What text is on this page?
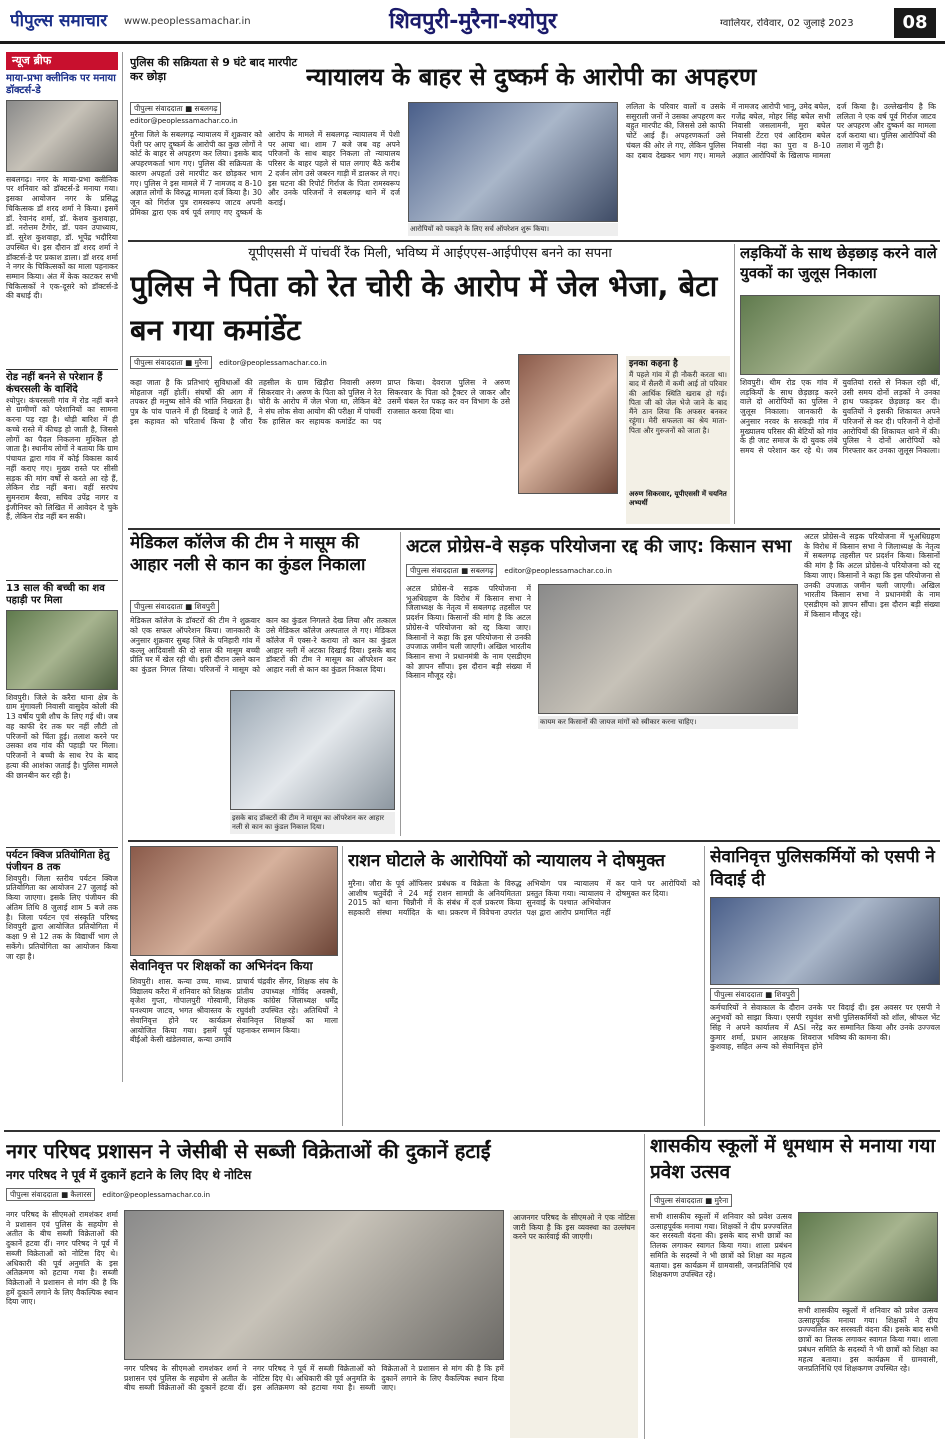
पीपुल्स समाचार	www.peoplessamachar.in	शिवपुरी-मुरैना-श्योपुर	ग्वालियर, रविवार, 02 जुलाई 2023	08
न्यूज ब्रीफ
माया-प्रभा क्लीनिक पर मनाया डॉक्टर्स-डे
सबलगढ़। नगर के माया-प्रभा क्लीनिक पर शनिवार को डॉक्टर्स-डे मनाया गया। इसका आयोजन नगर के प्रसिद्ध चिकित्सक डॉ शरद शर्मा ने किया। इसमें डॉ. रेवानंद शर्मा, डॉ. केशव कुशवाहा, डॉ. नरोत्तम टैगोर, डॉ. पवन उपाध्याय, डॉ. सुरेश कुशवाहा, डॉ. भूपेंद्र भदौरिया उपस्थित थे। इस दौरान डॉ शरद शर्मा ने डॉक्टर्स-डे पर प्रकाश डाला। डॉ शरद शर्मा ने नगर के चिकित्सकों का माला पहनाकर सम्मान किया। अंत में केक काटकर सभी चिकित्सकों ने एक-दूसरे को डॉक्टर्स-डे की बधाई दी।
रोड नहीं बनने से परेशान हैं कंचरसली के वाशिंदे
श्योपुर। कंचरसली गांव में रोड नहीं बनने से ग्रामीणों को परेशानियों का सामना करना पड़ रहा है। थोड़ी बारिश में ही कच्चे रास्ते में कीचड़ हो जाती है, जिससे लोगों का पैदल निकलना मुश्किल हो जाता है। स्थानीय लोगों ने बताया कि ग्राम पंचायत द्वारा गांव में कोई विकास कार्य नहीं कराए गए। मुख्य रास्ते पर सीसी सड़क की मांग वर्षों से करते आ रहे हैं, लेकिन रोड नहीं बना। वहीं सरपंच सुमनराम बैरवा, सचिव उपेंद्र नागर व इंजीनियर को लिखित में आवेदन दे चुके हैं, लेकिन रोड नहीं बन सकी।
13 साल की बच्ची का शव पहाड़ी पर मिला
शिवपुरी। जिले के करैरा थाना क्षेत्र के ग्राम मुंगावली निवासी वासुदेव कोली की 13 वर्षीय पुत्री शौच के लिए गई थी। जब वह काफी देर तक घर नहीं लौटी तो परिजनों को चिंता हुई। तलाश करने पर उसका शव गांव की पहाड़ी पर मिला। परिजनों ने बच्ची के साथ रेप के बाद हत्या की आशंका जताई है। पुलिस मामले की छानबीन कर रही है।
पर्यटन क्विज प्रतियोगिता हेतु पंजीयन 8 तक
शिवपुरी। जिला स्तरीय पर्यटन क्विज प्रतियोगिता का आयोजन 27 जुलाई को किया जाएगा। इसके लिए पंजीयन की अंतिम तिथि 8 जुलाई शाम 5 बजे तक है। जिला पर्यटन एवं संस्कृति परिषद शिवपुरी द्वारा आयोजित प्रतियोगिता में कक्षा 9 से 12 तक के विद्यार्थी भाग ले सकेंगे। प्रतियोगिता का आयोजन किया जा रहा है।
पुलिस की सक्रियता से 9 घंटे बाद मारपीट कर छोड़ा	न्यायालय के बाहर से दुष्कर्म के आरोपी का अपहरण
पीपुल्स संवाददाता ■ सबलगढ़
editor@peoplessamachar.co.in
मुरैना जिले के सबलगढ़ न्यायालय में शुक्रवार को पेशी पर आए दुष्कर्म के आरोपी का कुछ लोगों ने कोर्ट के बाहर से अपहरण कर लिया। इसके बाद अपहरणकर्ता भाग गए। पुलिस की सक्रियता के कारण अपहर्ता उसे मारपीट कर छोड़कर भाग गए। पुलिस ने इस मामले में 7 नामजद व 8-10 अज्ञात लोगों के विरुद्ध मामला दर्ज किया है। 30 जून को गिर्राज पुत्र रामस्वरूप जाटव अपनी प्रेमिका द्वारा एक वर्ष पूर्व लगाए गए दुष्कर्म के आरोप के मामले में सबलगढ़ न्यायालय में पेशी पर आया था। शाम 7 बजे जब वह अपने परिजनों के साथ बाहर निकला तो न्यायालय परिसर के बाहर पहले से घात लगाए बैठे करीब 2 दर्जन लोग उसे जबरन गाड़ी में डालकर ले गए। इस घटना की रिपोर्ट गिर्राज के पिता रामस्वरूप और उनके परिजनों ने सबलगढ़ थाने में दर्ज कराई।
आरोपियों को पकड़ने के लिए सर्च ऑपरेशन शुरू किया।
ललिता के परिवार वालों व उसके ससुराली जनों ने उसका अपहरण कर बहुत मारपीट की, जिससे उसे काफी चोटें आई हैं। अपहरणकर्ता उसे चंबल की ओर ले गए, लेकिन पुलिस का दबाव देखकर भाग गए। मामले में नामजद आरोपी भानू, उमेद बघेल, गजेंद्र बघेल, मोहर सिंह बघेल सभी निवासी जसलामनी, मुरा बघेल निवासी टेंटरा एवं आदिराम बघेल निवासी नंदा का पुरा व 8-10 अज्ञात आरोपियों के खिलाफ मामला दर्ज किया है। उल्लेखनीय है कि ललिता ने एक वर्ष पूर्व गिर्राज जाटव पर अपहरण और दुष्कर्म का मामला दर्ज कराया था। पुलिस आरोपियों की तलाश में जुटी है।
यूपीएससी में पांचवीं रैंक मिली, भविष्य में आईएएस-आईपीएस बनने का सपना
पुलिस ने पिता को रेत चोरी के आरोप में जेल भेजा, बेटा बन गया कमांडेंट
पीपुल्स संवाददाता ■ मुरैना editor@peoplessamachar.co.in
कहा जाता है कि प्रतिभाएं सुविधाओं की मोहताज नहीं होतीं। संघर्षों की आग में तपकर ही मनुष्य सोने की भांति निखरता है। पुत्र के पांव पालने में ही दिखाई दे जाते हैं, इस कहावत को चरितार्थ किया है जौरा तहसील के ग्राम खिड़ौरा निवासी अरुण सिकरवार ने। अरुण के पिता को पुलिस ने रेत चोरी के आरोप में जेल भेजा था, लेकिन बेटे ने संघ लोक सेवा आयोग की परीक्षा में पांचवीं रैंक हासिल कर सहायक कमांडेंट का पद प्राप्त किया। देवराज पुलिस ने अरुण सिकरवार के पिता को ट्रैक्टर ले जाकर और उसमें चंबल रेत पकड़ कर वन विभाग के उसे राजसात करवा दिया था।
इनका कहना है
मैं पहले गांव में ही नौकरी करता था। बाद में सैलरी में कमी आई तो परिवार की आर्थिक स्थिति खराब हो गई। पिता जी को जेल भेजे जाने के बाद मैंने ठान लिया कि अफसर बनकर रहूंगा। मेरी सफलता का श्रेय माता-पिता और गुरुजनों को जाता है।
अरुण सिकरवार, यूपीएससी में चयनित अभ्यर्थी
लड़कियों के साथ छेड़छाड़ करने वाले युवकों का जुलूस निकाला
शिवपुरी। थीम रोड एक गांव में लड़कियों के साथ छेड़छाड़ करने वाले दो आरोपियों का पुलिस ने जुलूस निकाला। जानकारी के अनुसार नरवर के सरकड़ी गांव में मुख्यालय परिसर की बेटियों को गांव के ही जाट समाज के दो युवक लंबे समय से परेशान कर रहे थे। जब युवतियां रास्ते से निकल रही थीं, उसी समय दोनों लड़कों ने उनका हाथ पकड़कर छेड़छाड़ कर दी। युवतियों ने इसकी शिकायत अपने परिजनों से कर दी। परिजनों ने दोनों आरोपियों की शिकायत थाने में की। पुलिस ने दोनों आरोपियों को गिरफ्तार कर उनका जुलूस निकाला।
मेडिकल कॉलेज की टीम ने मासूम की आहार नली से कान का कुंडल निकाला
पीपुल्स संवाददाता ■ शिवपुरी
मेडिकल कॉलेज के डॉक्टरों की टीम ने शुक्रवार को एक सफल ऑपरेशन किया। जानकारी के अनुसार शुक्रवार सुबह जिले के पनिहारी गांव में कल्लू आदिवासी की दो साल की मासूम बच्ची प्रीति घर में खेल रही थी। इसी दौरान उसने कान का कुंडल निगल लिया। परिजनों ने मासूम को कान का कुंडल निगलते देख लिया और तत्काल उसे मेडिकल कॉलेज अस्पताल ले गए। मेडिकल कॉलेज में एक्स-रे कराया तो कान का कुंडल आहार नली में अटका दिखाई दिया। इसके बाद डॉक्टरों की टीम ने मासूम का ऑपरेशन कर आहार नली से कान का कुंडल निकाल दिया।
इसके बाद डॉक्टरों की टीम ने मासूम का ऑपरेशन कर आहार नली से कान का कुंडल निकाल दिया।
अटल प्रोग्रेस-वे सड़क परियोजना रद्द की जाए: किसान सभा
पीपुल्स संवाददाता ■ सबलगढ़ editor@peoplessamachar.co.in
अटल प्रोग्रेस-वे सड़क परियोजना में भूअधिग्रहण के विरोध में किसान सभा ने जिलाध्यक्ष के नेतृत्व में सबलगढ़ तहसील पर प्रदर्शन किया। किसानों की मांग है कि अटल प्रोग्रेस-वे परियोजना को रद्द किया जाए। किसानों ने कहा कि इस परियोजना से उनकी उपजाऊ जमीन चली जाएगी। अखिल भारतीय किसान सभा ने प्रधानमंत्री के नाम एसडीएम को ज्ञापन सौंपा। इस दौरान बड़ी संख्या में किसान मौजूद रहे।
कायम कर किसानों की जायज मांगों को स्वीकार करना चाहिए।
अटल प्रोग्रेस-वे सड़क परियोजना में भूअधिग्रहण के विरोध में किसान सभा ने जिलाध्यक्ष के नेतृत्व में सबलगढ़ तहसील पर प्रदर्शन किया। किसानों की मांग है कि अटल प्रोग्रेस-वे परियोजना को रद्द किया जाए। किसानों ने कहा कि इस परियोजना से उनकी उपजाऊ जमीन चली जाएगी। अखिल भारतीय किसान सभा ने प्रधानमंत्री के नाम एसडीएम को ज्ञापन सौंपा। इस दौरान बड़ी संख्या में किसान मौजूद रहे।
सेवानिवृत्त पर शिक्षकों का अभिनंदन किया
शिवपुरी। शास. कन्या उच्च. माध्य. विद्यालय करैरा में शनिवार को शिक्षक बृजेश गुप्ता, गोपालपुरी गोस्वामी, घनश्याम जाटव, भगत श्रीवास्तव के सेवानिवृत्त होने पर कार्यक्रम आयोजित किया गया। इसमें पूर्व बीईओ केसी खंडेलवाल, कन्या उमावि प्राचार्य चंद्रवीर सेंगर, शिक्षक संघ के प्रांतीय उपाध्यक्ष गोविंद अवस्थी, शिक्षक कांग्रेस जिलाध्यक्ष धर्मेंद्र रघुवंशी उपस्थित रहे। अतिथियों ने सेवानिवृत्त शिक्षकों का माला पहनाकर सम्मान किया।
राशन घोटाले के आरोपियों को न्यायालय ने दोषमुक्त
मुरैना। जौरा के पूर्व ऑफिसर आशीष चतुर्वेदी ने 24 मई 2015 को थाना चिन्नौनी में सहकारी संस्था मर्यादित के प्रबंधक व विक्रेता के विरुद्ध राशन सामग्री के अनियमितता के संबंध में दर्ज प्रकरण किया था। प्रकरण में विवेचना उपरांत अभियोग पत्र न्यायालय में प्रस्तुत किया गया। न्यायालय ने सुनवाई के पश्चात अभियोजन पक्ष द्वारा आरोप प्रमाणित नहीं कर पाने पर आरोपियों को दोषमुक्त कर दिया।
सेवानिवृत्त पुलिसकर्मियों को एसपी ने विदाई दी
पीपुल्स संवाददाता ■ शिवपुरी
कर्मचारियों ने सेवाकाल के दौरान उनके अनुभवों को साझा किया। एसपी रघुवंश सिंह ने अपने कार्यालय में ASI नरेंद्र कुमार शर्मा, प्रधान आरक्षक शिवराज कुशवाह, सहित अन्य को सेवानिवृत्त होने पर विदाई दी। इस अवसर पर एसपी ने सभी पुलिसकर्मियों को शॉल, श्रीफल भेंट कर सम्मानित किया और उनके उज्ज्वल भविष्य की कामना की।
नगर परिषद प्रशासन ने जेसीबी से सब्जी विक्रेताओं की दुकानें हटाईं
नगर परिषद ने पूर्व में दुकानें हटाने के लिए दिए थे नोटिस
पीपुल्स संवाददाता ■ कैलारस editor@peoplessamachar.co.in
नगर परिषद के सीएमओ रामशंकर शर्मा ने प्रशासन एवं पुलिस के सहयोग से अतीत के बीच सब्जी विक्रेताओं की दुकानें हटवा दीं। नगर परिषद ने पूर्व में सब्जी विक्रेताओं को नोटिस दिए थे। अधिकारी की पूर्व अनुमति के इस अतिक्रमण को हटाया गया है। सब्जी विक्रेताओं ने प्रशासन से मांग की है कि हमें दुकानें लगाने के लिए वैकल्पिक स्थान दिया जाए।
नगर परिषद के सीएमओ रामशंकर शर्मा ने प्रशासन एवं पुलिस के सहयोग से अतीत के बीच सब्जी विक्रेताओं की दुकानें हटवा दीं। नगर परिषद ने पूर्व में सब्जी विक्रेताओं को नोटिस दिए थे। अधिकारी की पूर्व अनुमति के इस अतिक्रमण को हटाया गया है। सब्जी विक्रेताओं ने प्रशासन से मांग की है कि हमें दुकानें लगाने के लिए वैकल्पिक स्थान दिया जाए।
आजनगर परिषद के सीएमओ ने एक नोटिस जारी किया है कि इस व्यवस्था का उल्लंघन करने पर कार्रवाई की जाएगी।
शासकीय स्कूलों में धूमधाम से मनाया गया प्रवेश उत्सव
पीपुल्स संवाददाता ■ मुरैना
सभी शासकीय स्कूलों में शनिवार को प्रवेश उत्सव उत्साहपूर्वक मनाया गया। शिक्षकों ने दीप प्रज्ज्वलित कर सरस्वती वंदना की। इसके बाद सभी छात्रों का तिलक लगाकर स्वागत किया गया। शाला प्रबंधन समिति के सदस्यों ने भी छात्रों को शिक्षा का महत्व बताया। इस कार्यक्रम में ग्रामवासी, जनप्रतिनिधि एवं शिक्षकगण उपस्थित रहे।
सभी शासकीय स्कूलों में शनिवार को प्रवेश उत्सव उत्साहपूर्वक मनाया गया। शिक्षकों ने दीप प्रज्ज्वलित कर सरस्वती वंदना की। इसके बाद सभी छात्रों का तिलक लगाकर स्वागत किया गया। शाला प्रबंधन समिति के सदस्यों ने भी छात्रों को शिक्षा का महत्व बताया। इस कार्यक्रम में ग्रामवासी, जनप्रतिनिधि एवं शिक्षकगण उपस्थित रहे।
